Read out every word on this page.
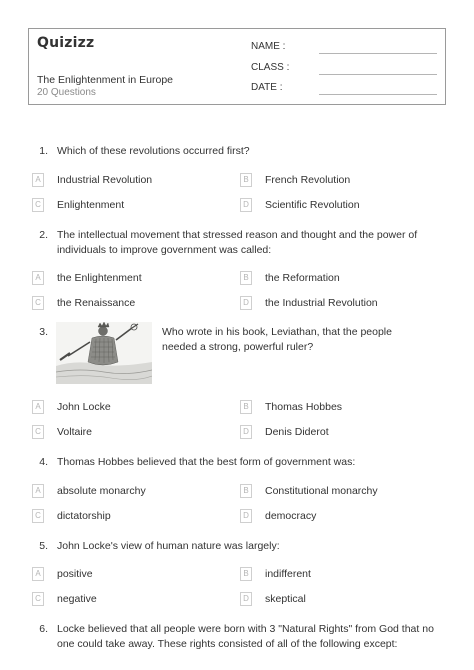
Quizizz
The Enlightenment in Europe
20 Questions
NAME :
CLASS :
DATE :
1. Which of these revolutions occurred first?
A	Industrial Revolution	B	French Revolution
C Enlightenment	D Scientific Revolution
2. The intellectual movement that stressed reason and thought and the power of individuals to improve government was called:
A	the Enlightenment	B	the Reformation
C the Renaissance	D the Industrial Revolution
3.	Who wrote in his book, Leviathan, that the people needed a strong, powerful ruler?
A	John Locke	B	Thomas Hobbes
C Voltaire	D Denis Diderot
4. Thomas Hobbes believed that the best form of government was:
A	absolute monarchy	B	Constitutional monarchy
C dictatorship	D democracy
5. John Locke's view of human nature was largely:
A	positive	B	indifferent
C negative	D skeptical
6. Locke believed that all people were born with 3 "Natural Rights" from God that no one could take away. These rights consisted of all of the following except:
